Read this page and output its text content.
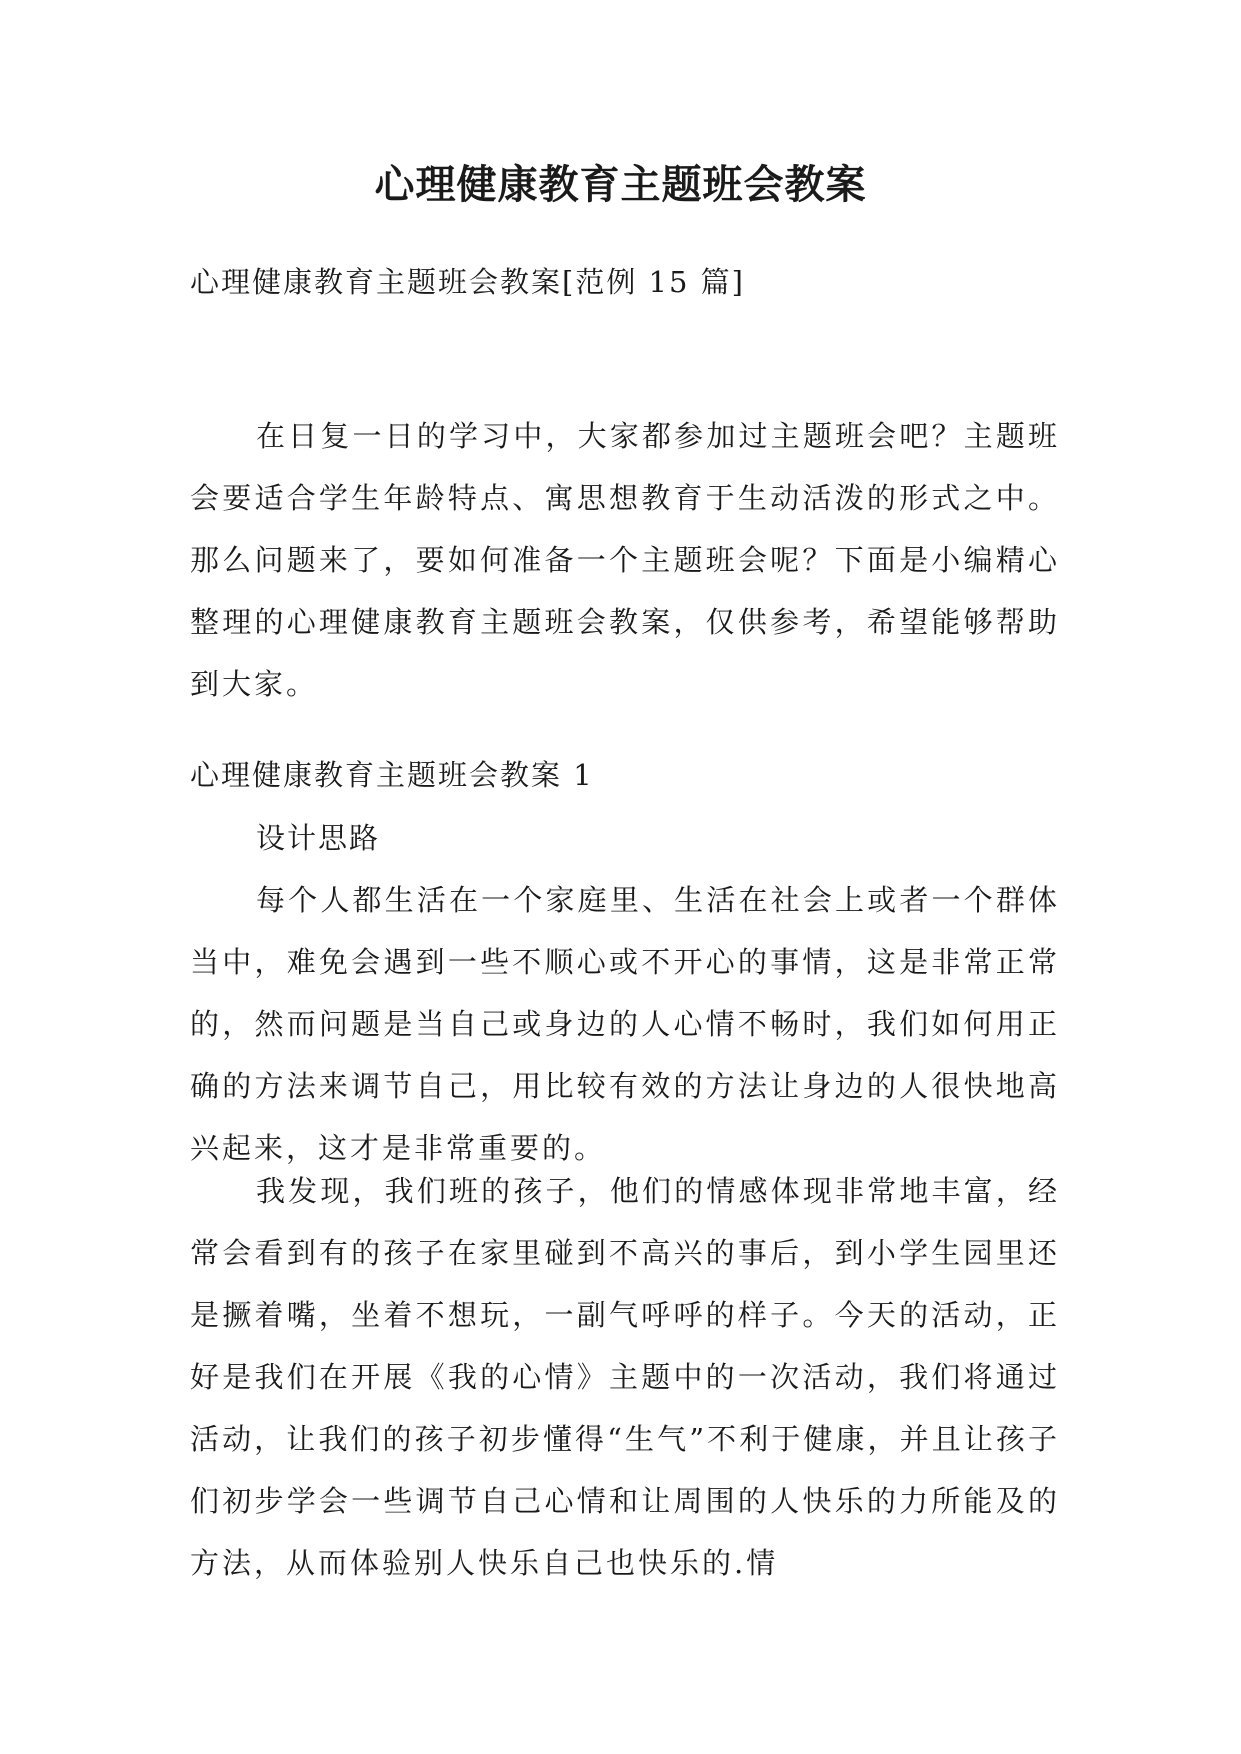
心理健康教育主题班会教案
心理健康教育主题班会教案[范例 15 篇]

在日复一日的学习中，大家都参加过主题班会吧？主题班会要适合学生年龄特点、寓思想教育于生动活泼的形式之中。那么问题来了，要如何准备一个主题班会呢？下面是小编精心整理的心理健康教育主题班会教案，仅供参考，希望能够帮助到大家。

心理健康教育主题班会教案 1
设计思路

每个人都生活在一个家庭里、生活在社会上或者一个群体当中，难免会遇到一些不顺心或不开心的事情，这是非常正常的，然而问题是当自己或身边的人心情不畅时，我们如何用正确的方法来调节自己，用比较有效的方法让身边的人很快地高兴起来，这才是非常重要的。

我发现，我们班的孩子，他们的情感体现非常地丰富，经常会看到有的孩子在家里碰到不高兴的事后，到小学生园里还是撅着嘴，坐着不想玩，一副气呼呼的样子。今天的活动，正好是我们在开展《我的心情》主题中的一次活动，我们将通过活动，让我们的孩子初步懂得“生气”不利于健康，并且让孩子们初步学会一些调节自己心情和让周围的人快乐的力所能及的方法，从而体验别人快乐自己也快乐的.情
